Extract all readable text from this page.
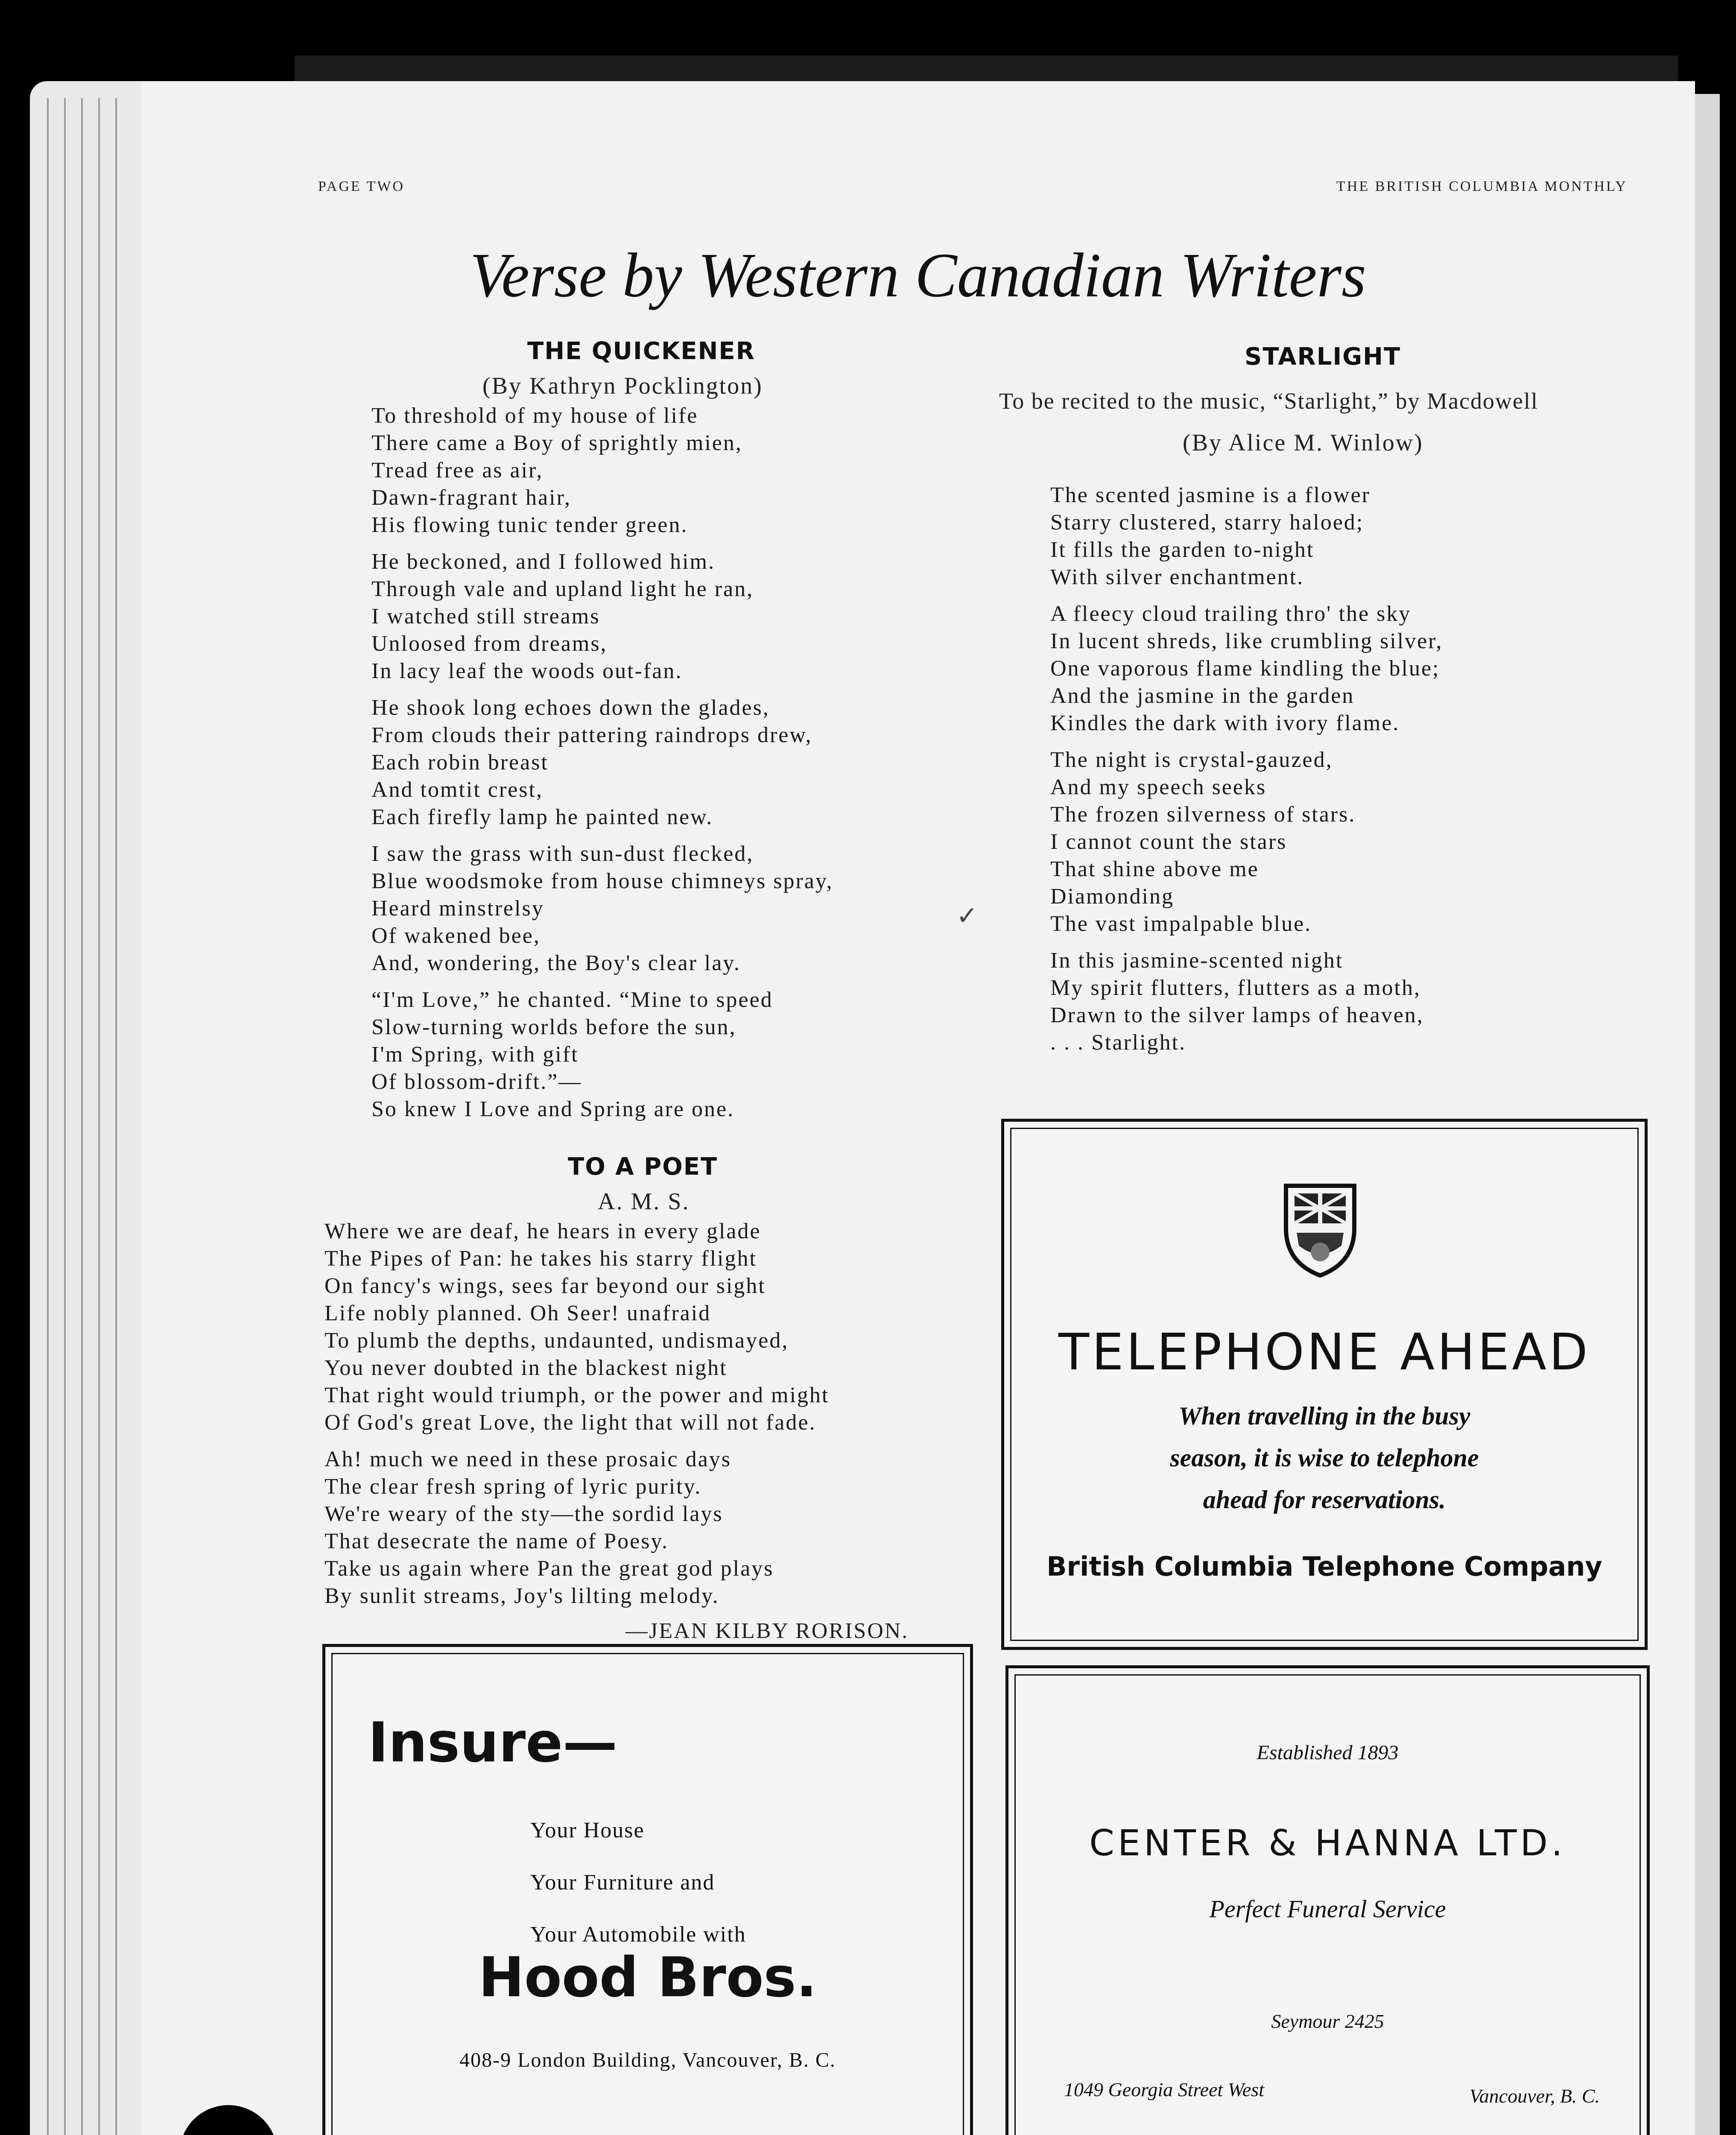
PAGE TWO	THE BRITISH COLUMBIA MONTHLY
Verse by Western Canadian Writers
THE QUICKENER
(By Kathryn Pocklington)
To threshold of my house of life
There came a Boy of sprightly mien,
Tread free as air,
Dawn-fragrant hair,
His flowing tunic tender green.
He beckoned, and I followed him.
Through vale and upland light he ran,
I watched still streams
Unloosed from dreams,
In lacy leaf the woods out-fan.
He shook long echoes down the glades,
From clouds their pattering raindrops drew,
Each robin breast
And tomtit crest,
Each firefly lamp he painted new.
I saw the grass with sun-dust flecked,
Blue woodsmoke from house chimneys spray,
Heard minstrelsy
Of wakened bee,
And, wondering, the Boy's clear lay.
“I'm Love,” he chanted. “Mine to speed
Slow-turning worlds before the sun,
I'm Spring, with gift
Of blossom-drift.”—
So knew I Love and Spring are one.
TO A POET
A. M. S.
Where we are deaf, he hears in every glade
The Pipes of Pan: he takes his starry flight
On fancy's wings, sees far beyond our sight
Life nobly planned. Oh Seer! unafraid
To plumb the depths, undaunted, undismayed,
You never doubted in the blackest night
That right would triumph, or the power and might
Of God's great Love, the light that will not fade.
Ah! much we need in these prosaic days
The clear fresh spring of lyric purity.
We're weary of the sty—the sordid lays
That desecrate the name of Poesy.
Take us again where Pan the great god plays
By sunlit streams, Joy's lilting melody.
—JEAN KILBY RORISON.
STARLIGHT
To be recited to the music, “Starlight,” by Macdowell
(By Alice M. Winlow)
The scented jasmine is a flower
Starry clustered, starry haloed;
It fills the garden to-night
With silver enchantment.
A fleecy cloud trailing thro' the sky
In lucent shreds, like crumbling silver,
One vaporous flame kindling the blue;
And the jasmine in the garden
Kindles the dark with ivory flame.
The night is crystal-gauzed,
And my speech seeks
The frozen silverness of stars.
I cannot count the stars
That shine above me
Diamonding
The vast impalpable blue.
In this jasmine-scented night
My spirit flutters, flutters as a moth,
Drawn to the silver lamps of heaven,
. . . Starlight.
TELEPHONE AHEAD
When travelling in the busy
season, it is wise to telephone
ahead for reservations.
British Columbia Telephone Company
Insure—
Your House
Your Furniture and
Your Automobile with
Hood Bros.
408-9 London Building, Vancouver, B. C.
Established 1893
CENTER & HANNA LTD.
Perfect Funeral Service
Seymour 2425
1049 Georgia Street West	Vancouver, B. C.
✓
